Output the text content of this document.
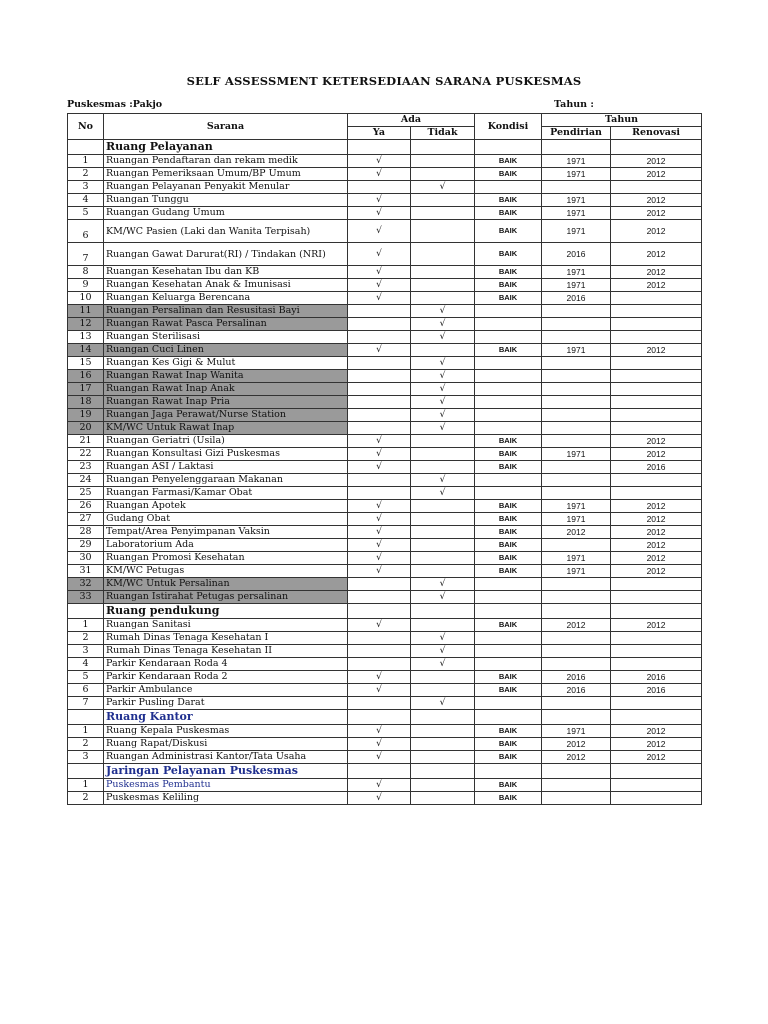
SELF ASSESSMENT KETERSEDIAAN SARANA PUSKESMAS
Puskesmas :Pakjo	Tahun :
No	Sarana	Ada		Kondisi	Tahun	
		Ya	Tidak		Pendirian	Renovasi
	Ruang Pelayanan					
1	Ruangan Pendaftaran dan rekam medik	√		BAIK	1971	2012
2	Ruangan Pemeriksaan Umum/BP Umum	√		BAIK	1971	2012
3	Ruangan Pelayanan Penyakit Menular		√			
4	Ruangan Tunggu	√		BAIK	1971	2012
5	Ruangan Gudang Umum	√		BAIK	1971	2012
6	KM/WC Pasien (Laki dan Wanita Terpisah)	√		BAIK	1971	2012
7	Ruangan Gawat Darurat(RI) / Tindakan (NRI)	√		BAIK	2016	2012
8	Ruangan Kesehatan Ibu dan KB	√		BAIK	1971	2012
9	Ruangan Kesehatan Anak & Imunisasi	√		BAIK	1971	2012
10	Ruangan Keluarga Berencana	√		BAIK	2016	
11	Ruangan Persalinan dan Resusitasi Bayi		√			
12	Ruangan Rawat Pasca Persalinan		√			
13	Ruangan Sterilisasi		√			
14	Ruangan Cuci Linen	√		BAIK	1971	2012
15	Ruangan Kes Gigi & Mulut		√			
16	Ruangan Rawat Inap Wanita		√			
17	Ruangan Rawat Inap Anak		√			
18	Ruangan Rawat Inap Pria		√			
19	Ruangan Jaga Perawat/Nurse Station		√			
20	KM/WC Untuk Rawat Inap		√			
21	Ruangan Geriatri (Usila)	√		BAIK		2012
22	Ruangan Konsultasi Gizi Puskesmas	√		BAIK	1971	2012
23	Ruangan ASI / Laktasi	√		BAIK		2016
24	Ruangan Penyelenggaraan Makanan		√			
25	Ruangan Farmasi/Kamar Obat		√			
26	Ruangan Apotek	√		BAIK	1971	2012
27	Gudang Obat	√		BAIK	1971	2012
28	Tempat/Area Penyimpanan Vaksin	√		BAIK	2012	2012
29	Laboratorium Ada	√		BAIK		2012
30	Ruangan Promosi Kesehatan	√		BAIK	1971	2012
31	KM/WC Petugas	√		BAIK	1971	2012
32	KM/WC Untuk Persalinan		√			
33	Ruangan Istirahat Petugas persalinan		√			
	Ruang pendukung					
1	Ruangan Sanitasi	√		BAIK	2012	2012
2	Rumah Dinas Tenaga Kesehatan I		√			
3	Rumah Dinas Tenaga Kesehatan II		√			
4	Parkir Kendaraan Roda 4		√			
5	Parkir Kendaraan Roda 2	√		BAIK	2016	2016
6	Parkir Ambulance	√		BAIK	2016	2016
7	Parkir Pusling Darat		√			
	Ruang Kantor					
1	Ruang Kepala Puskesmas	√		BAIK	1971	2012
2	Ruang Rapat/Diskusi	√		BAIK	2012	2012
3	Ruangan Administrasi Kantor/Tata Usaha	√		BAIK	2012	2012
	Jaringan Pelayanan Puskesmas					
1	Puskesmas Pembantu	√		BAIK		
2	Puskesmas Keliling	√		BAIK		
